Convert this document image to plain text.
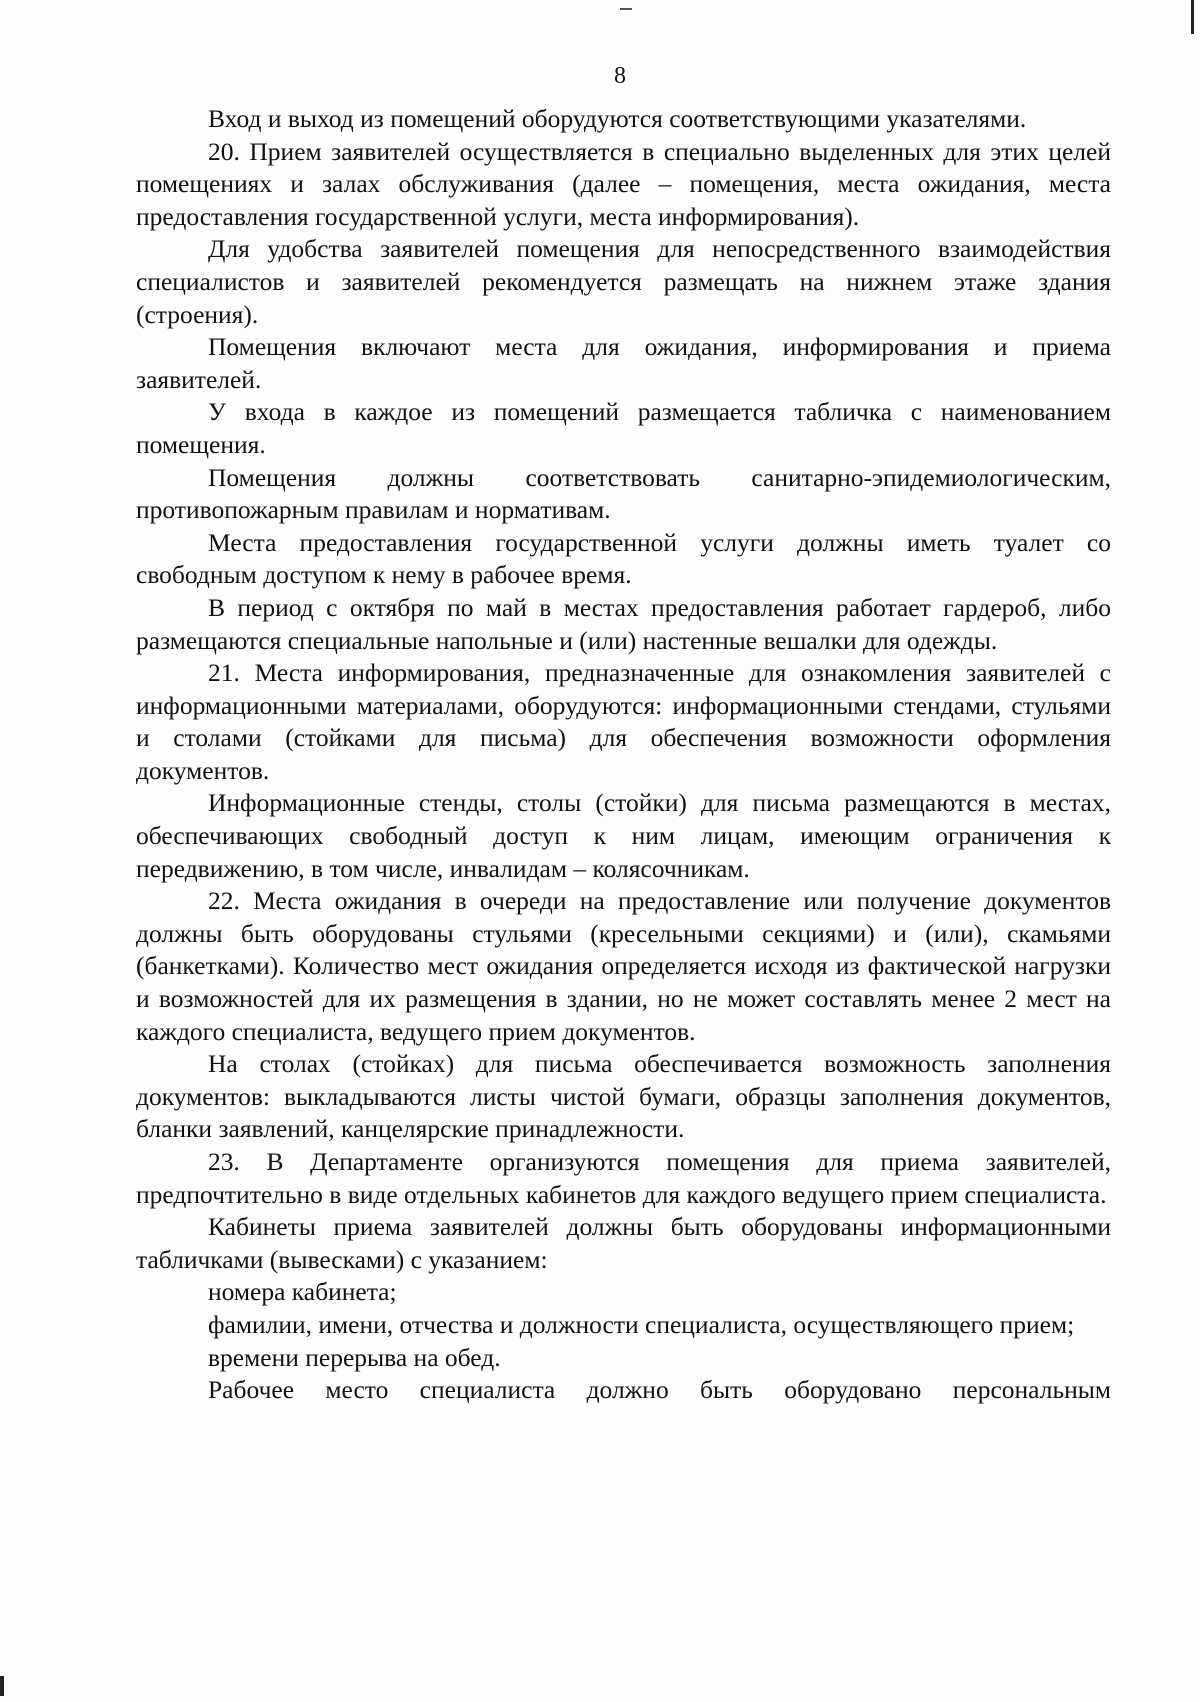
8

Вход и выход из помещений оборудуются соответствующими указателями.

20. Прием заявителей осуществляется в специально выделенных для этих целей помещениях и залах обслуживания (далее – помещения, места ожидания, места предоставления государственной услуги, места информирования).

Для удобства заявителей помещения для непосредственного взаимодействия специалистов и заявителей рекомендуется размещать на нижнем этаже здания (строения).

Помещения включают места для ожидания, информирования и приема заявителей.

У входа в каждое из помещений размещается табличка с наименованием помещения.

Помещения должны соответствовать санитарно-эпидемиологическим, противопожарным правилам и нормативам.

Места предоставления государственной услуги должны иметь туалет со свободным доступом к нему в рабочее время.

В период с октября по май в местах предоставления работает гардероб, либо размещаются специальные напольные и (или) настенные вешалки для одежды.

21. Места информирования, предназначенные для ознакомления заявителей с информационными материалами, оборудуются: информационными стендами, стульями и столами (стойками для письма) для обеспечения возможности оформления документов.

Информационные стенды, столы (стойки) для письма размещаются в местах, обеспечивающих свободный доступ к ним лицам, имеющим ограничения к передвижению, в том числе, инвалидам – колясочникам.

22. Места ожидания в очереди на предоставление или получение документов должны быть оборудованы стульями (кресельными секциями) и (или), скамьями (банкетками). Количество мест ожидания определяется исходя из фактической нагрузки и возможностей для их размещения в здании, но не может составлять менее 2 мест на каждого специалиста, ведущего прием документов.

На столах (стойках) для письма обеспечивается возможность заполнения документов: выкладываются листы чистой бумаги, образцы заполнения документов, бланки заявлений, канцелярские принадлежности.

23. В Департаменте организуются помещения для приема заявителей, предпочтительно в виде отдельных кабинетов для каждого ведущего прием специалиста.

Кабинеты приема заявителей должны быть оборудованы информационными табличками (вывесками) с указанием:

номера кабинета;

фамилии, имени, отчества и должности специалиста, осуществляющего прием;

времени перерыва на обед.

Рабочее место специалиста должно быть оборудовано персональным
